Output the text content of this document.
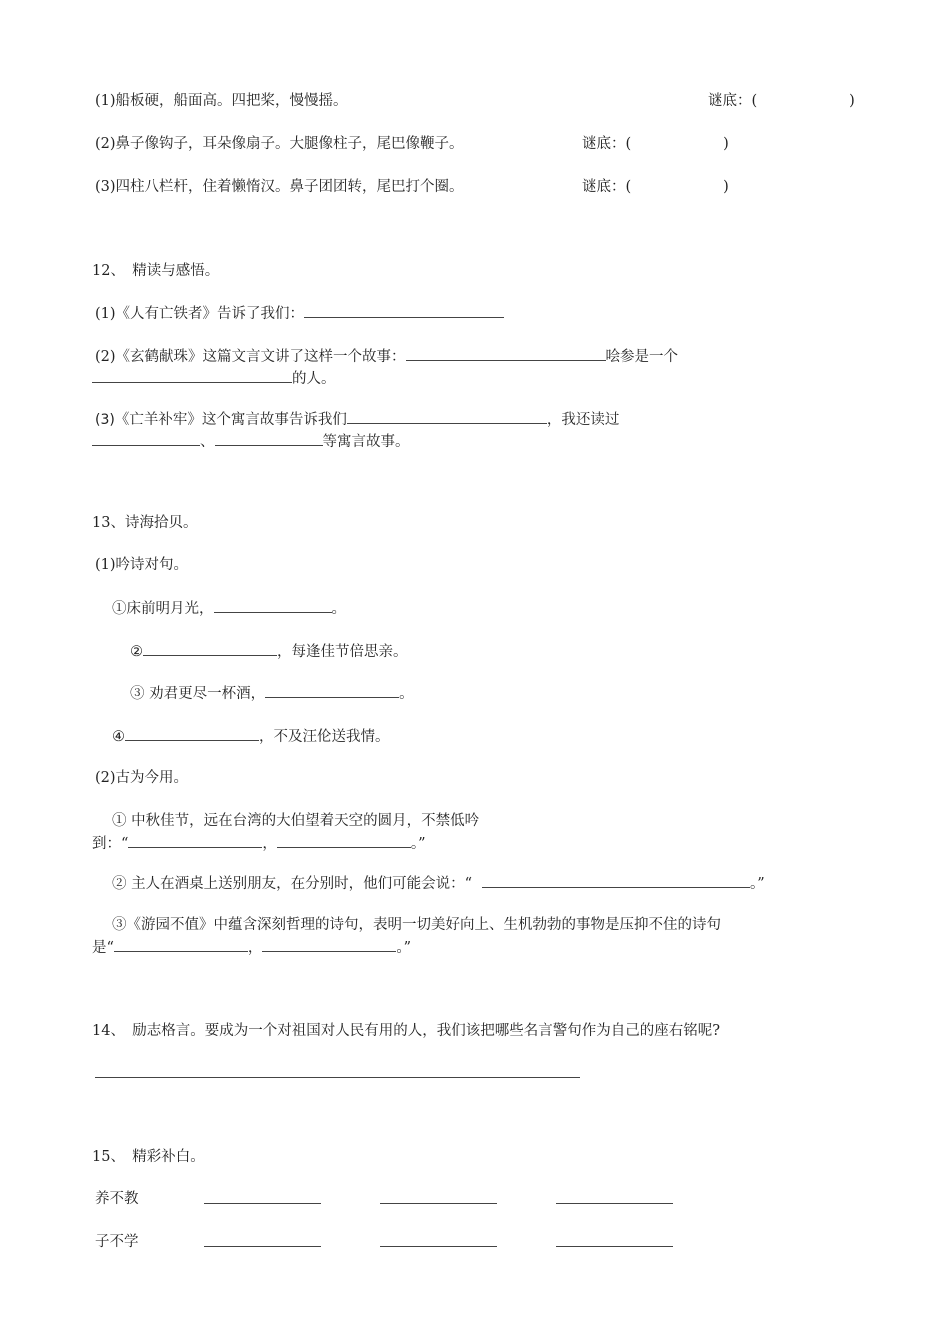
(1)船板硬，船面高。四把桨，慢慢摇。	谜底：(	)
(2)鼻子像钩子，耳朵像扇子。大腿像柱子，尾巴像鞭子。	谜底：(	)
(3)四柱八栏杆，住着懒惰汉。鼻子团团转，尾巴打个圈。	谜底：(	)
12、　精读与感悟。
(1)《人有亡铁者》告诉了我们：
(2)《玄鹤献珠》这篇文言文讲了这样一个故事：	哙参是一个
的人。
(3)《亡羊补牢》这个寓言故事告诉我们	，我还读过
、	等寓言故事。
13、诗海拾贝。
(1)吟诗对句。
①床前明月光，	。
②	，每逢佳节倍思亲。
③ 劝君更尽一杯酒，	。
④	，不及汪伦送我情。
(2)古为今用。
① 中秋佳节，远在台湾的大伯望着天空的圆月，不禁低吟
到：“	，	。”
② 主人在酒桌上送别朋友，在分别时，他们可能会说：“	。”
③《游园不值》中蕴含深刻哲理的诗句，表明一切美好向上、生机勃勃的事物是压抑不住的诗句
是“	，	。”
14、　励志格言。要成为一个对祖国对人民有用的人，我们该把哪些名言警句作为自己的座右铭呢?
15、　精彩补白。
养不教
子不学
